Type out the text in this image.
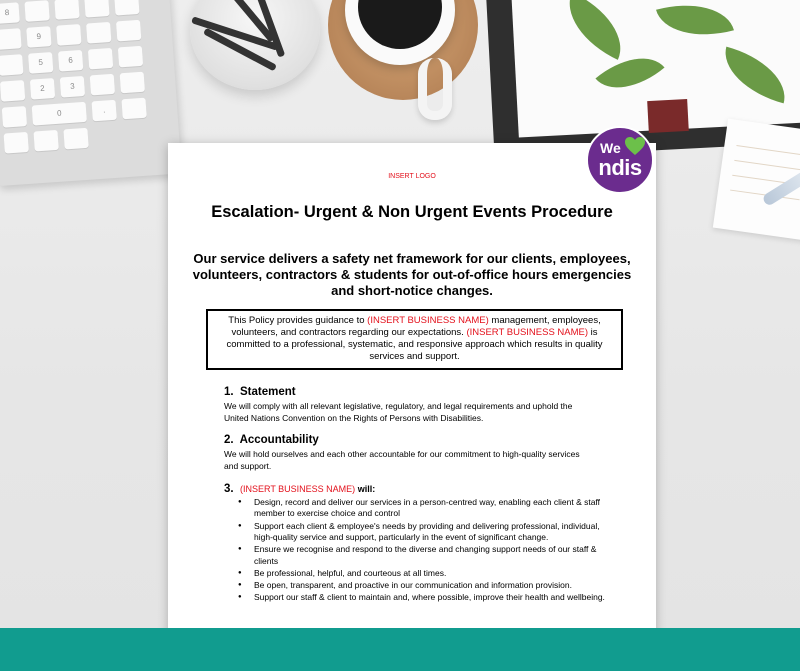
8
9
5	6
2	3
0	.
INSERT LOGO
Escalation- Urgent & Non Urgent Events Procedure
Our service delivers a safety net framework for our clients, employees, volunteers, contractors & students for out-of-office hours emergencies and short-notice changes.
This Policy provides guidance to (INSERT BUSINESS NAME) management, employees, volunteers, and contractors regarding our expectations. (INSERT BUSINESS NAME) is committed to a professional, systematic, and responsive approach which results in quality services and support.
1. Statement
We will comply with all relevant legislative, regulatory, and legal requirements and uphold the United Nations Convention on the Rights of Persons with Disabilities.
2. Accountability
We will hold ourselves and each other accountable for our commitment to high-quality services and support.
3. (INSERT BUSINESS NAME) will:
● Design, record and deliver our services in a person-centred way, enabling each client & staff member to exercise choice and control
● Support each client & employee's needs by providing and delivering professional, individual, high-quality service and support, particularly in the event of significant change.
● Ensure we recognise and respond to the diverse and changing support needs of our staff & clients
● Be professional, helpful, and courteous at all times.
● Be open, transparent, and proactive in our communication and information provision.
● Support our staff & client to maintain and, where possible, improve their health and wellbeing.
We
ndis
